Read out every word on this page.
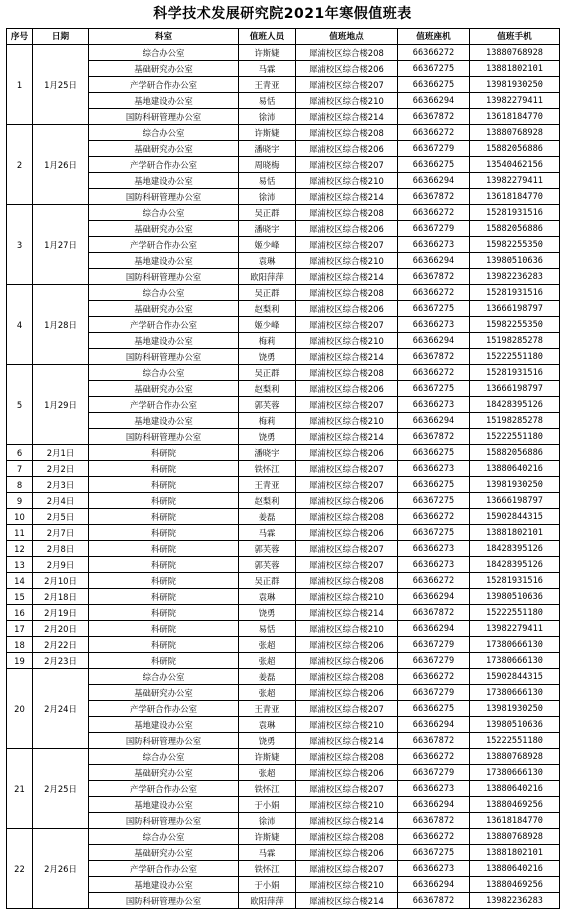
科学技术发展研究院2021年寒假值班表
序号	日期	科室	值班人员	值班地点	值班座机	值班手机
1	1月25日	综合办公室	许斯婕	犀浦校区综合楼208	66366272	13880768928
		基础研究办公室	马霖	犀浦校区综合楼206	66367275	13881802101
		产学研合作办公室	王青亚	犀浦校区综合楼207	66366275	13981930250
		基地建设办公室	易恬	犀浦校区综合楼210	66366294	13982279411
		国防科研管理办公室	徐沛	犀浦校区综合楼214	66367872	13618184770
2	1月26日	综合办公室	许斯婕	犀浦校区综合楼208	66366272	13880768928
		基础研究办公室	潘晓宇	犀浦校区综合楼206	66367279	15882056886
		产学研合作办公室	周晓梅	犀浦校区综合楼207	66366275	13540462156
		基地建设办公室	易恬	犀浦校区综合楼210	66366294	13982279411
		国防科研管理办公室	徐沛	犀浦校区综合楼214	66367872	13618184770
3	1月27日	综合办公室	吴正群	犀浦校区综合楼208	66366272	15281931516
		基础研究办公室	潘晓宇	犀浦校区综合楼206	66367279	15882056886
		产学研合作办公室	姬少峰	犀浦校区综合楼207	66366273	15982255350
		基地建设办公室	袁琳	犀浦校区综合楼210	66366294	13980510636
		国防科研管理办公室	欧阳萍萍	犀浦校区综合楼214	66367872	13982236283
4	1月28日	综合办公室	吴正群	犀浦校区综合楼208	66366272	15281931516
		基础研究办公室	赵梨利	犀浦校区综合楼206	66367275	13666198797
		产学研合作办公室	姬少峰	犀浦校区综合楼207	66366273	15982255350
		基地建设办公室	梅莉	犀浦校区综合楼210	66366294	15198285278
		国防科研管理办公室	饶勇	犀浦校区综合楼214	66367872	15222551180
5	1月29日	综合办公室	吴正群	犀浦校区综合楼208	66366272	15281931516
		基础研究办公室	赵梨利	犀浦校区综合楼206	66367275	13666198797
		产学研合作办公室	郭芙蓉	犀浦校区综合楼207	66366273	18428395126
		基地建设办公室	梅莉	犀浦校区综合楼210	66366294	15198285278
		国防科研管理办公室	饶勇	犀浦校区综合楼214	66367872	15222551180
6	2月1日	科研院	潘晓宇	犀浦校区综合楼206	66366275	15882056886
7	2月2日	科研院	铁怀江	犀浦校区综合楼207	66366273	13880640216
8	2月3日	科研院	王青亚	犀浦校区综合楼207	66366275	13981930250
9	2月4日	科研院	赵梨利	犀浦校区综合楼206	66367275	13666198797
10	2月5日	科研院	姜磊	犀浦校区综合楼208	66366272	15902844315
11	2月7日	科研院	马霖	犀浦校区综合楼206	66367275	13881802101
12	2月8日	科研院	郭芙蓉	犀浦校区综合楼207	66366273	18428395126
13	2月9日	科研院	郭芙蓉	犀浦校区综合楼207	66366273	18428395126
14	2月10日	科研院	吴正群	犀浦校区综合楼208	66366272	15281931516
15	2月18日	科研院	袁琳	犀浦校区综合楼210	66366294	13980510636
16	2月19日	科研院	饶勇	犀浦校区综合楼214	66367872	15222551180
17	2月20日	科研院	易恬	犀浦校区综合楼210	66366294	13982279411
18	2月22日	科研院	张超	犀浦校区综合楼206	66367279	17380666130
19	2月23日	科研院	张超	犀浦校区综合楼206	66367279	17380666130
20	2月24日	综合办公室	姜磊	犀浦校区综合楼208	66366272	15902844315
		基础研究办公室	张超	犀浦校区综合楼206	66367279	17380666130
		产学研合作办公室	王青亚	犀浦校区综合楼207	66366275	13981930250
		基地建设办公室	袁琳	犀浦校区综合楼210	66366294	13980510636
		国防科研管理办公室	饶勇	犀浦校区综合楼214	66367872	15222551180
21	2月25日	综合办公室	许斯婕	犀浦校区综合楼208	66366272	13880768928
		基础研究办公室	张超	犀浦校区综合楼206	66367279	17380666130
		产学研合作办公室	铁怀江	犀浦校区综合楼207	66366273	13880640216
		基地建设办公室	于小娟	犀浦校区综合楼210	66366294	13880469256
		国防科研管理办公室	徐沛	犀浦校区综合楼214	66367872	13618184770
22	2月26日	综合办公室	许斯婕	犀浦校区综合楼208	66366272	13880768928
		基础研究办公室	马霖	犀浦校区综合楼206	66367275	13881802101
		产学研合作办公室	铁怀江	犀浦校区综合楼207	66366273	13880640216
		基地建设办公室	于小娟	犀浦校区综合楼210	66366294	13880469256
		国防科研管理办公室	欧阳萍萍	犀浦校区综合楼214	66367872	13982236283
